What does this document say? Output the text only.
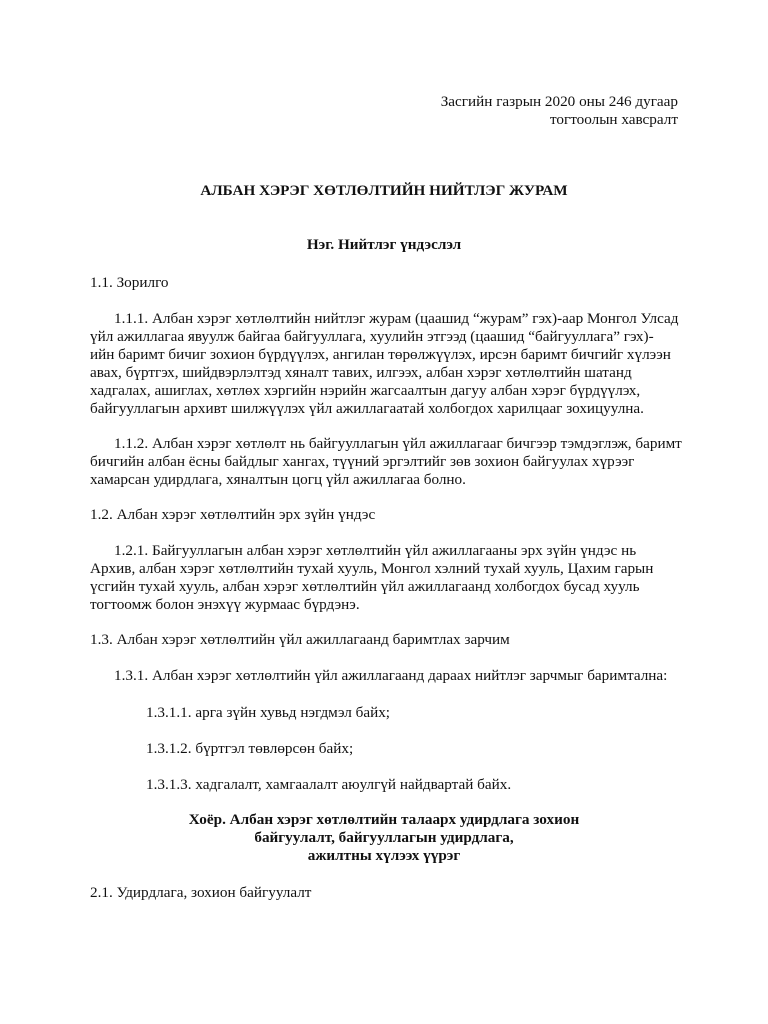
Засгийн газрын 2020 оны 246 дугаар
тогтоолын хавсралт
АЛБАН ХЭРЭГ ХӨТЛӨЛТИЙН НИЙТЛЭГ ЖУРАМ
Нэг. Нийтлэг үндэслэл
1.1. Зорилго
1.1.1. Албан хэрэг хөтлөлтийн нийтлэг журам (цаашид “журам” гэх)-аар Монгол Улсад
үйл ажиллагаа явуулж байгаа байгууллага, хуулийн этгээд (цаашид “байгууллага” гэх)-
ийн баримт бичиг зохион бүрдүүлэх, ангилан төрөлжүүлэх, ирсэн баримт бичгийг хүлээн
авах, бүртгэх, шийдвэрлэлтэд хяналт тавих, илгээх, албан хэрэг хөтлөлтийн шатанд
хадгалах, ашиглах, хөтлөх хэргийн нэрийн жагсаалтын дагуу албан хэрэг бүрдүүлэх,
байгууллагын архивт шилжүүлэх үйл ажиллагаатай холбогдох харилцааг зохицуулна.
1.1.2. Албан хэрэг хөтлөлт нь байгууллагын үйл ажиллагааг бичгээр тэмдэглэж, баримт
бичгийн албан ёсны байдлыг хангах, түүний эргэлтийг зөв зохион байгуулах хүрээг
хамарсан удирдлага, хяналтын цогц үйл ажиллагаа болно.
1.2. Албан хэрэг хөтлөлтийн эрх зүйн үндэс
1.2.1. Байгууллагын албан хэрэг хөтлөлтийн үйл ажиллагааны эрх зүйн үндэс нь
Архив, албан хэрэг хөтлөлтийн тухай хууль, Монгол хэлний тухай хууль, Цахим гарын
үсгийн тухай хууль, албан хэрэг хөтлөлтийн үйл ажиллагаанд холбогдох бусад хууль
тогтоомж болон энэхүү журмаас бүрдэнэ.
1.3. Албан хэрэг хөтлөлтийн үйл ажиллагаанд баримтлах зарчим
1.3.1. Албан хэрэг хөтлөлтийн үйл ажиллагаанд дараах нийтлэг зарчмыг баримтална:
1.3.1.1. арга зүйн хувьд нэгдмэл байх;
1.3.1.2. бүртгэл төвлөрсөн байх;
1.3.1.3. хадгалалт, хамгаалалт аюулгүй найдвартай байх.
Хоёр. Албан хэрэг хөтлөлтийн талаарх удирдлага зохион
байгуулалт, байгууллагын удирдлага,
ажилтны хүлээх үүрэг
2.1. Удирдлага, зохион байгуулалт
